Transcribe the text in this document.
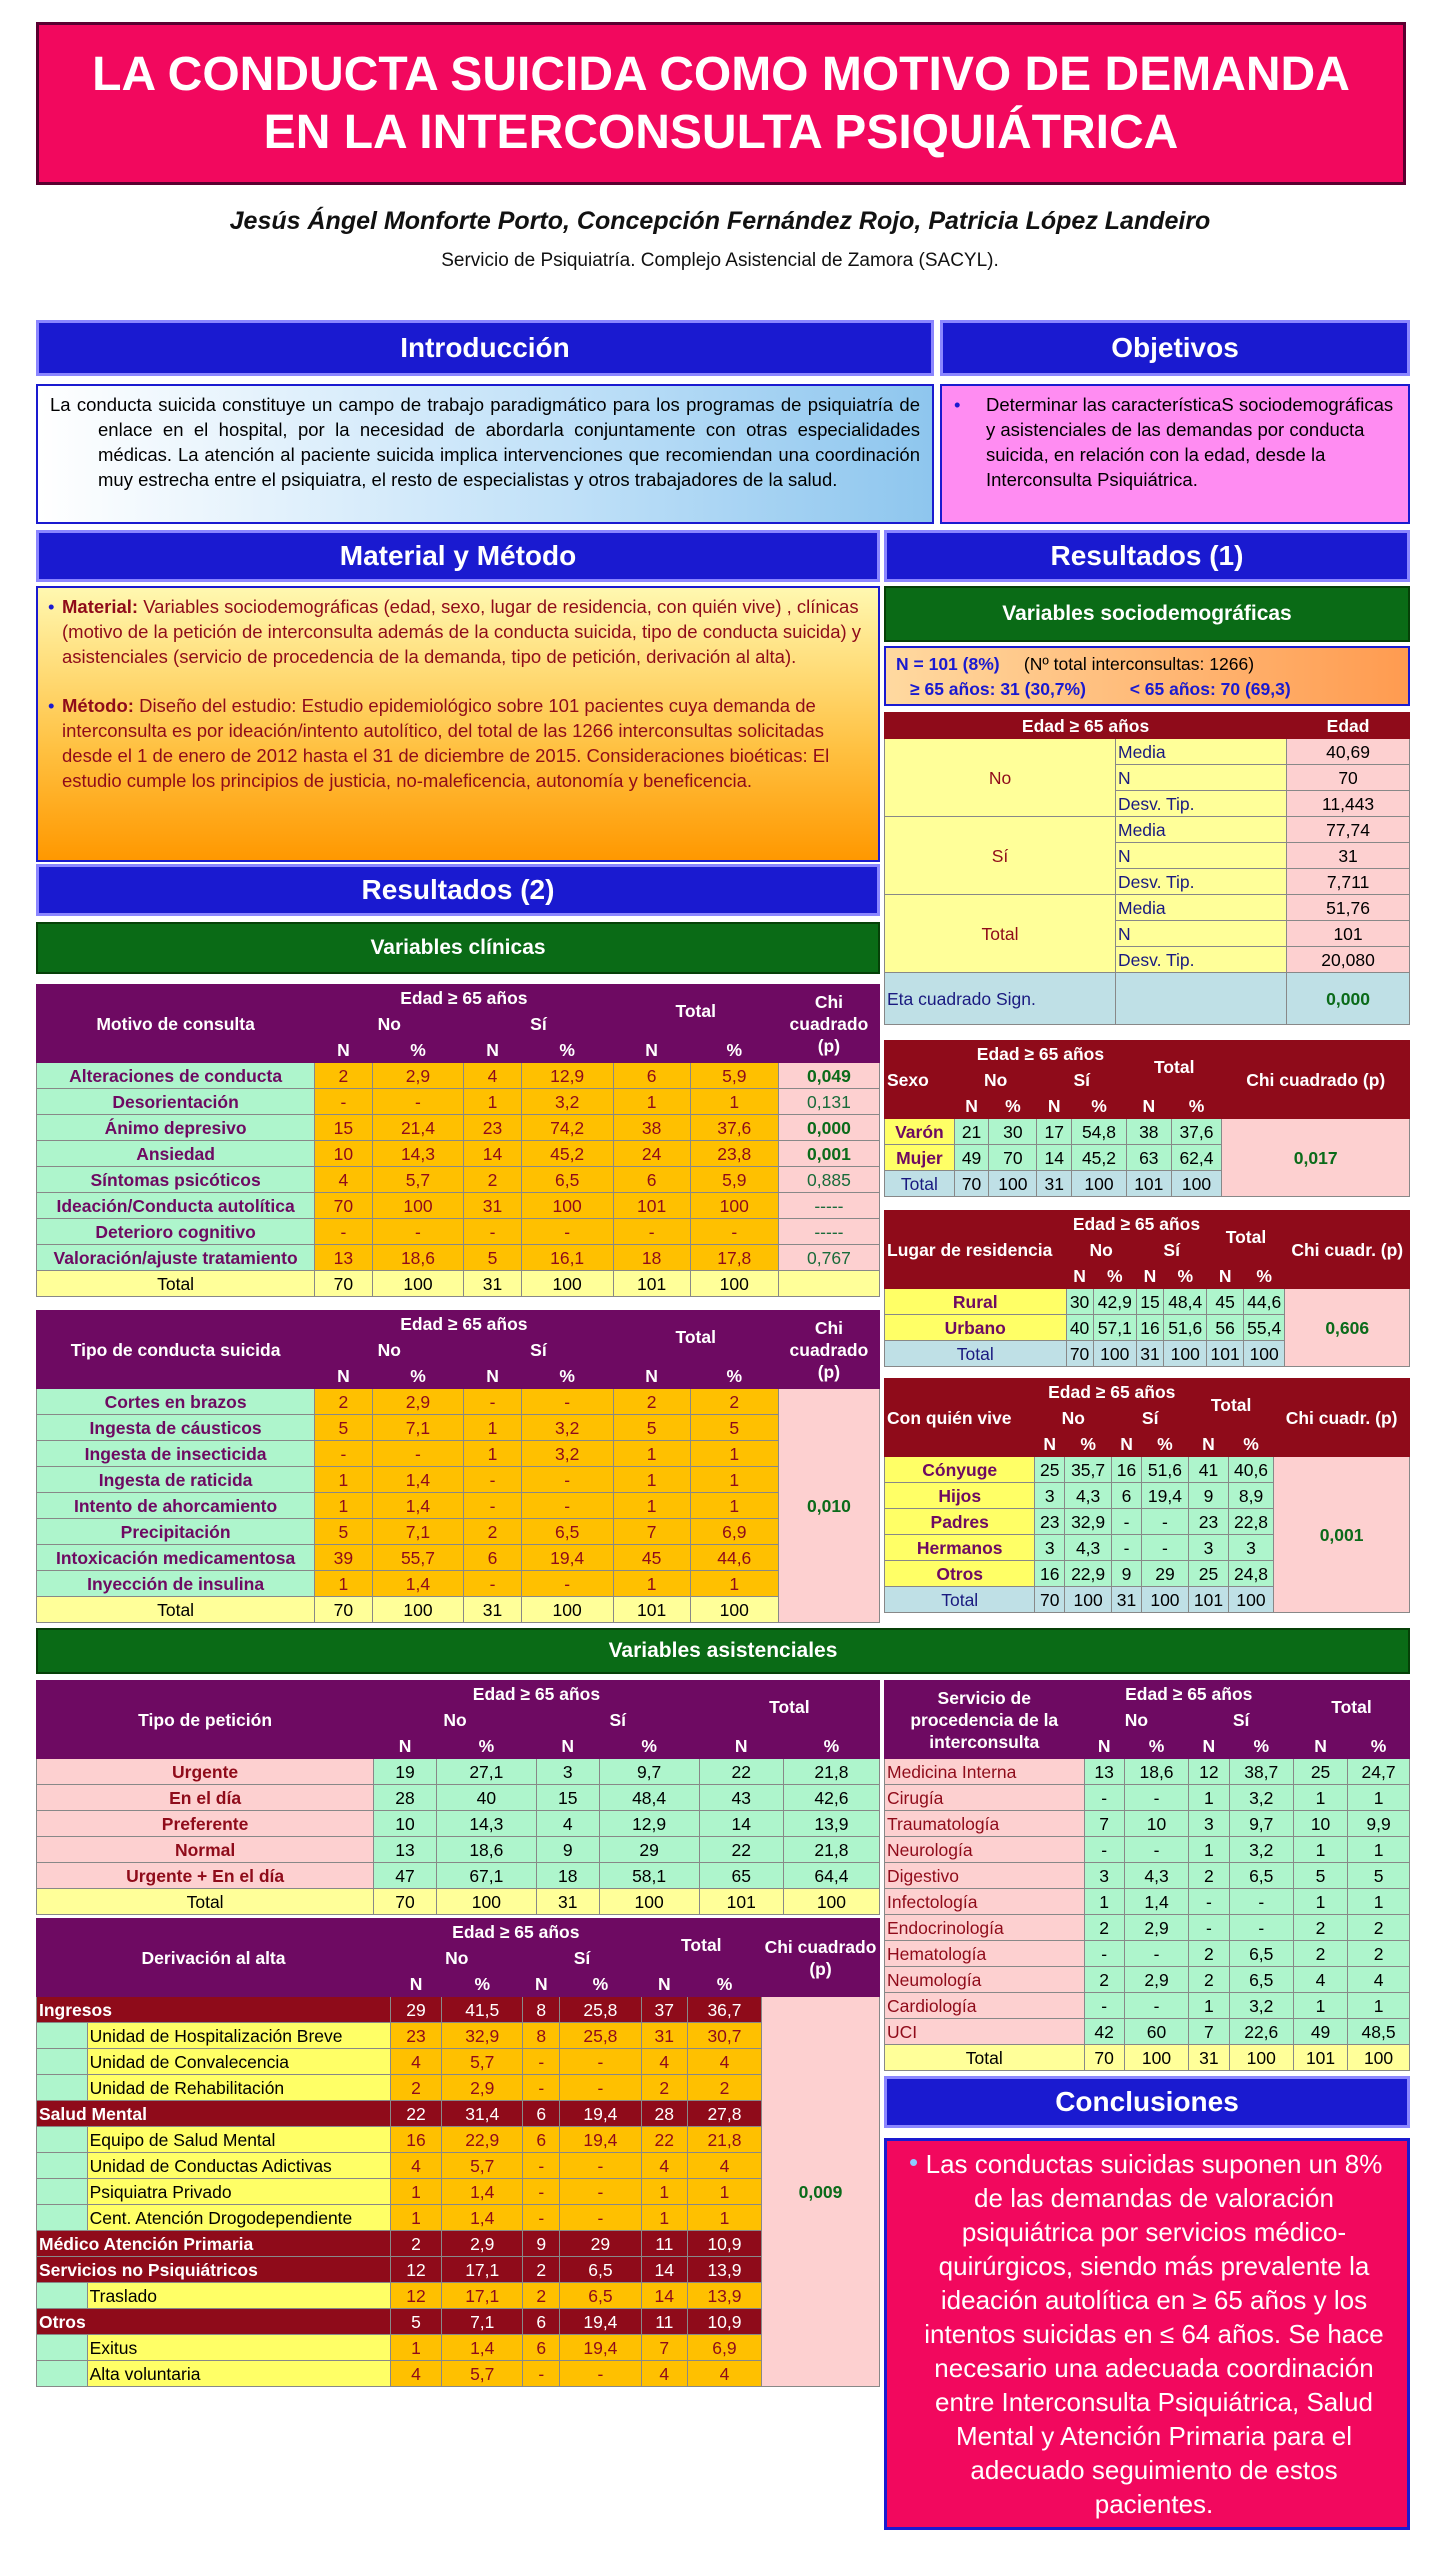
LA CONDUCTA SUICIDA COMO MOTIVO DE DEMANDA
EN LA INTERCONSULTA PSIQUIÁTRICA
Jesús Ángel Monforte Porto, Concepción Fernández Rojo, Patricia López Landeiro
Servicio de Psiquiatría. Complejo Asistencial de Zamora (SACYL).
Introducción
La conducta suicida constituye un campo de trabajo paradigmático para los programas de psiquiatría de enlace en el hospital, por la necesidad de abordarla conjuntamente con otras especialidades médicas. La atención al paciente suicida implica intervenciones que recomiendan una coordinación muy estrecha entre el psiquiatra, el resto de especialistas y otros trabajadores de la salud.
Objetivos
• Determinar las característicaS sociodemográficas y asistenciales de las demandas por conducta suicida, en relación con la edad, desde la Interconsulta Psiquiátrica.
Material y Método
• Material: Variables sociodemográficas (edad, sexo, lugar de residencia, con quién vive) , clínicas (motivo de la petición de interconsulta además de la conducta suicida, tipo de conducta suicida) y asistenciales (servicio de procedencia de la demanda, tipo de petición, derivación al alta).
• Método: Diseño del estudio: Estudio epidemiológico sobre 101 pacientes cuya demanda de interconsulta es por ideación/intento autolítico, del total de las 1266 interconsultas solicitadas desde el 1 de enero de 2012 hasta el 31 de diciembre de 2015. Consideraciones bioéticas: El estudio cumple los principios de justicia, no-maleficencia, autonomía y beneficencia.
Resultados (1)
Variables sociodemográficas
N = 101 (8%) (Nº total interconsultas: 1266)
≥ 65 años: 31 (30,7%)	< 65 años: 70 (69,3)
Edad ≥ 65 años		Edad
No	Media	40,69
	N	70
	Desv. Tip.	11,443
Sí	Media	77,74
	N	31
	Desv. Tip.	7,711
Total	Media	51,76
	N	101
	Desv. Tip.	20,080
Eta cuadrado Sign.		0,000
Sexo	Edad ≥ 65 años				Total		Chi cuadrado (p)
	No		Sí				
	N	%	N	%	N	%	
Varón	21	30	17	54,8	38	37,6	0,017
Mujer	49	70	14	45,2	63	62,4	
Total	70	100	31	100	101	100	
Lugar de residencia	Edad ≥ 65 años				Total		Chi cuadr. (p)
	No		Sí				
	N	%	N	%	N	%	
Rural	30	42,9	15	48,4	45	44,6	0,606
Urbano	40	57,1	16	51,6	56	55,4	
Total	70	100	31	100	101	100	
Con quién vive	Edad ≥ 65 años				Total		Chi cuadr. (p)
	No		Sí				
	N	%	N	%	N	%	
Cónyuge	25	35,7	16	51,6	41	40,6	0,001
Hijos	3	4,3	6	19,4	9	8,9	
Padres	23	32,9	-	-	23	22,8	
Hermanos	3	4,3	-	-	3	3	
Otros	16	22,9	9	29	25	24,8	
Total	70	100	31	100	101	100	
Resultados (2)
Variables clínicas
Motivo de consulta	Edad ≥ 65 años				Total		Chi cuadrado (p)
	No		Sí				
	N	%	N	%	N	%	
Alteraciones de conducta	2	2,9	4	12,9	6	5,9	0,049
Desorientación	-	-	1	3,2	1	1	0,131
Ánimo depresivo	15	21,4	23	74,2	38	37,6	0,000
Ansiedad	10	14,3	14	45,2	24	23,8	0,001
Síntomas psicóticos	4	5,7	2	6,5	6	5,9	0,885
Ideación/Conducta autolítica	70	100	31	100	101	100	-----
Deterioro cognitivo	-	-	-	-	-	-	-----
Valoración/ajuste tratamiento	13	18,6	5	16,1	18	17,8	0,767
Total	70	100	31	100	101	100	
Tipo de conducta suicida	Edad ≥ 65 años				Total		Chi cuadrado (p)
	No		Sí				
	N	%	N	%	N	%	
Cortes en brazos	2	2,9	-	-	2	2	0,010
Ingesta de cáusticos	5	7,1	1	3,2	5	5	
Ingesta de insecticida	-	-	1	3,2	1	1	
Ingesta de raticida	1	1,4	-	-	1	1	
Intento de ahorcamiento	1	1,4	-	-	1	1	
Precipitación	5	7,1	2	6,5	7	6,9	
Intoxicación medicamentosa	39	55,7	6	19,4	45	44,6	
Inyección de insulina	1	1,4	-	-	1	1	
Total	70	100	31	100	101	100	
Variables asistenciales
Tipo de petición	Edad ≥ 65 años				Total	
	No		Sí			
	N	%	N	%	N	%
Urgente	19	27,1	3	9,7	22	21,8
En el día	28	40	15	48,4	43	42,6
Preferente	10	14,3	4	12,9	14	13,9
Normal	13	18,6	9	29	22	21,8
Urgente + En el día	47	67,1	18	58,1	65	64,4
Total	70	100	31	100	101	100
Servicio de procedencia de la interconsulta	Edad ≥ 65 años				Total	
	No		Sí			
	N	%	N	%	N	%
Medicina Interna	13	18,6	12	38,7	25	24,7
Cirugía	-	-	1	3,2	1	1
Traumatología	7	10	3	9,7	10	9,9
Neurología	-	-	1	3,2	1	1
Digestivo	3	4,3	2	6,5	5	5
Infectología	1	1,4	-	-	1	1
Endocrinología	2	2,9	-	-	2	2
Hematología	-	-	2	6,5	2	2
Neumología	2	2,9	2	6,5	4	4
Cardiología	-	-	1	3,2	1	1
UCI	42	60	7	22,6	49	48,5
Total	70	100	31	100	101	100
Derivación al alta		Edad ≥ 65 años				Total		Chi cuadrado (p)
		No		Sí				
		N	%	N	%	N	%	
Ingresos		29	41,5	8	25,8	37	36,7	0,009
	Unidad de Hospitalización Breve	23	32,9	8	25,8	31	30,7	
	Unidad de Convalecencia	4	5,7	-	-	4	4	
	Unidad de Rehabilitación	2	2,9	-	-	2	2	
Salud Mental		22	31,4	6	19,4	28	27,8	
	Equipo de Salud Mental	16	22,9	6	19,4	22	21,8	
	Unidad de Conductas Adictivas	4	5,7	-	-	4	4	
	Psiquiatra Privado	1	1,4	-	-	1	1	
	Cent. Atención Drogodependiente	1	1,4	-	-	1	1	
Médico Atención Primaria		2	2,9	9	29	11	10,9	
Servicios no Psiquiátricos		12	17,1	2	6,5	14	13,9	
	Traslado	12	17,1	2	6,5	14	13,9	
Otros		5	7,1	6	19,4	11	10,9	
	Exitus	1	1,4	6	19,4	7	6,9	
	Alta voluntaria	4	5,7	-	-	4	4	
Conclusiones
• Las conductas suicidas suponen un 8% de las demandas de valoración psiquiátrica por servicios médico-quirúrgicos, siendo más prevalente la ideación autolítica en ≥ 65 años y los intentos suicidas en ≤ 64 años. Se hace necesario una adecuada coordinación entre Interconsulta Psiquiátrica, Salud Mental y Atención Primaria para el adecuado seguimiento de estos pacientes.
